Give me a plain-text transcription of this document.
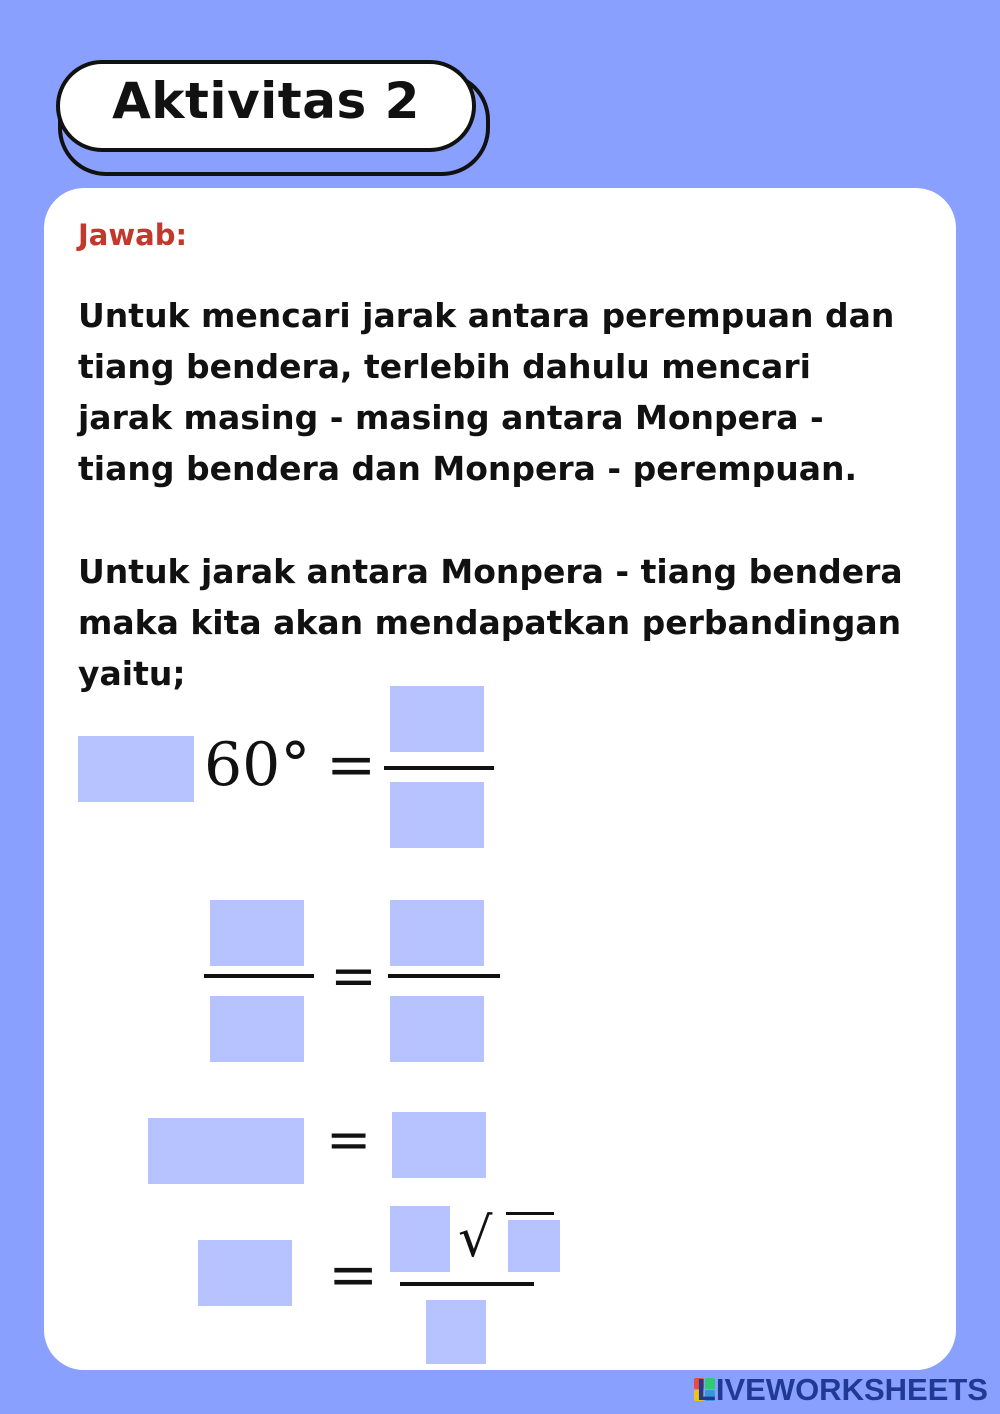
Aktivitas 2
Jawab:
Untuk mencari jarak antara perempuan dan tiang bendera, terlebih dahulu mencari jarak masing - masing antara Monpera - tiang bendera dan Monpera - perempuan.
Untuk jarak antara Monpera - tiang bendera maka kita akan mendapatkan perbandingan yaitu;
60° =
=
=
=
√
LIVEWORKSHEETS
